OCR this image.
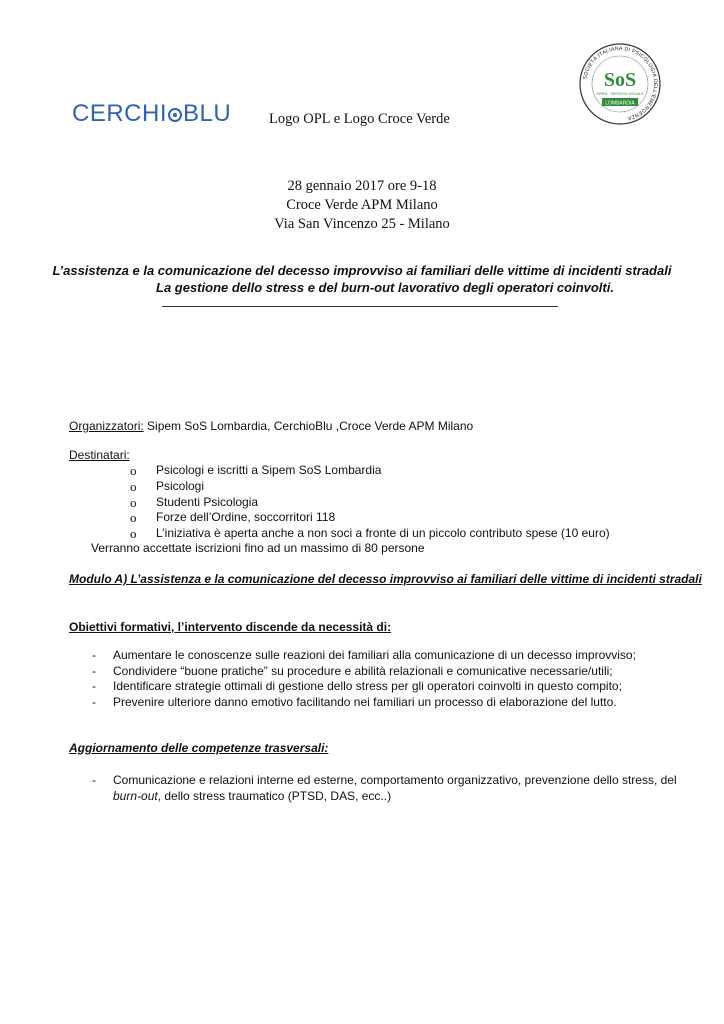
CERCHI BLU	Logo OPL e Logo Croce Verde
SOCIETÀ ITALIANA DI PSICOLOGIA DELL'EMERGENZA
SoS
SIPEM · SERVIZIO SOCIALE
LOMBARDIA
28 gennaio 2017 ore 9-18
Croce Verde APM Milano
Via San Vincenzo 25 - Milano
L’assistenza e la comunicazione del decesso improvviso ai familiari delle vittime di incidenti stradali
La gestione dello stress e del burn-out lavorativo degli operatori coinvolti.
Organizzatori: Sipem SoS Lombardia, CerchioBlu ,Croce Verde APM Milano
Destinatari:
o	Psicologi e iscritti a Sipem SoS Lombardia
o	Psicologi
o	Studenti Psicologia
o	Forze dell’Ordine, soccorritori 118
o	L’iniziativa è aperta anche a non soci a fronte di un piccolo contributo spese (10 euro)
Verranno accettate iscrizioni fino ad un massimo di 80 persone
Modulo A) L’assistenza e la comunicazione del decesso improvviso ai familiari delle vittime di incidenti stradali
Obiettivi formativi, l’intervento discende da necessità di:
-	Aumentare le conoscenze sulle reazioni dei familiari alla comunicazione di un decesso improvviso;
-	Condividere “buone pratiche” su procedure e abilità relazionali e comunicative necessarie/utili;
-	Identificare strategie ottimali di gestione dello stress per gli operatori coinvolti in questo compito;
-	Prevenire ulteriore danno emotivo facilitando nei familiari un processo di elaborazione del lutto.
Aggiornamento delle competenze trasversali:
-	Comunicazione e relazioni interne ed esterne, comportamento organizzativo, prevenzione dello stress, del
burn-out, dello stress traumatico (PTSD, DAS, ecc..)
